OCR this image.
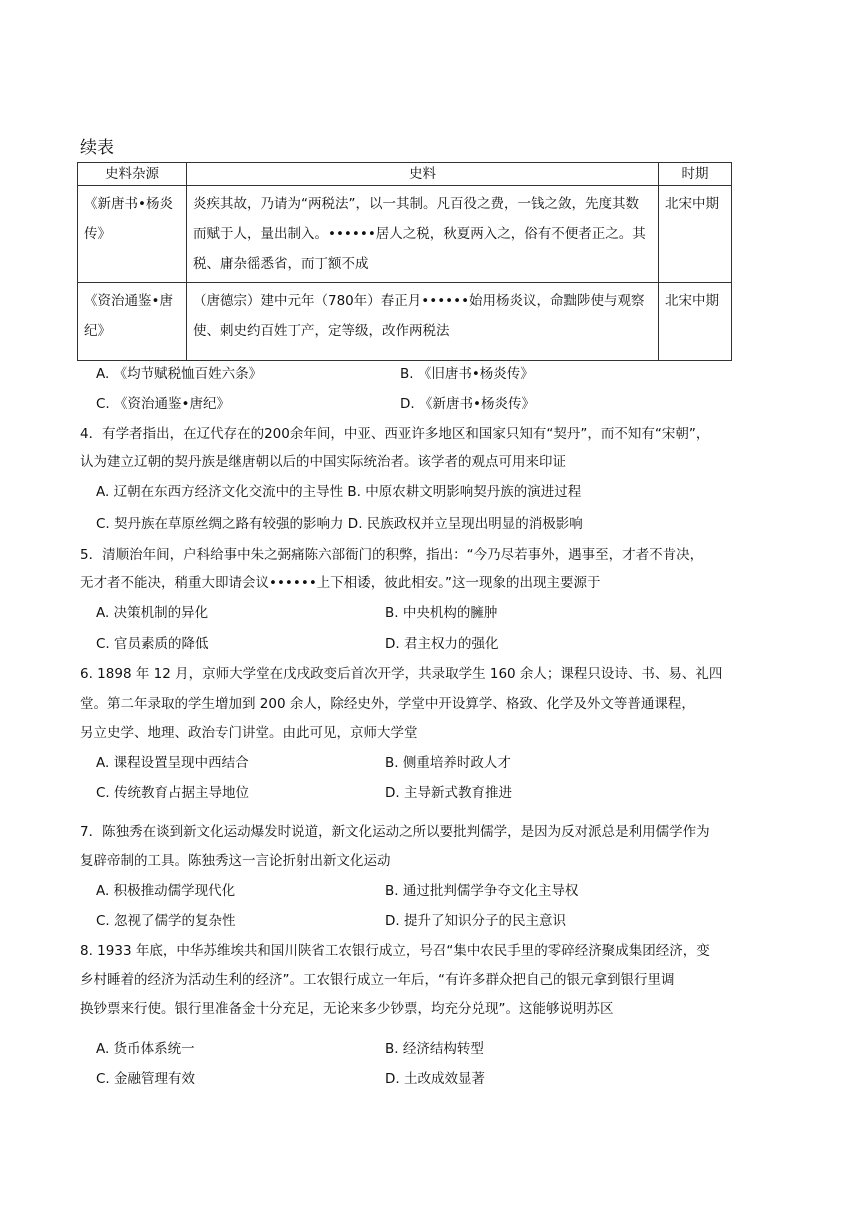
续表
史料杂源	史料	时期
《新唐书•杨炎传》	炎疾其故，乃请为“两税法”，以一其制。凡百役之费，一钱之敛，先度其数而赋于人，量出制入。••••••居人之税，秋夏两入之，俗有不便者正之。其税、庸杂徭悉省，而丁额不成	北宋中期
《资治通鉴•唐纪》	（唐德宗）建中元年（780年）春正月••••••始用杨炎议，命黜陟使与观察使、刺史约百姓丁产，定等级，改作两税法	北宋中期
A. 《均节赋税恤百姓六条》	B. 《旧唐书•杨炎传》
C. 《资治通鉴•唐纪》	D. 《新唐书•杨炎传》
4．有学者指出，在辽代存在的200余年间，中亚、西亚许多地区和国家只知有“契丹”，而不知有“宋朝”，
认为建立辽朝的契丹族是继唐朝以后的中国实际统治者。该学者的观点可用来印证
A. 辽朝在东西方经济文化交流中的主导性 B. 中原农耕文明影响契丹族的演进过程
C. 契丹族在草原丝绸之路有较强的影响力 D. 民族政权并立呈现出明显的消极影响
5．清顺治年间，户科给事中朱之弼痛陈六部衙门的积弊，指出：“今乃尽若事外，遇事至，才者不肯决，
无才者不能决，稍重大即请会议••••••上下相诿，彼此相安。”这一现象的出现主要源于
A. 决策机制的异化	B. 中央机构的臃肿
C. 官员素质的降低	D. 君主权力的强化
6. 1898 年 12 月，京师大学堂在戊戌政变后首次开学，共录取学生 160 余人；课程只设诗、书、易、礼四
堂。第二年录取的学生增加到 200 余人，除经史外，学堂中开设算学、格致、化学及外文等普通课程，
另立史学、地理、政治专门讲堂。由此可见，京师大学堂
A. 课程设置呈现中西结合	B. 侧重培养时政人才
C. 传统教育占据主导地位	D. 主导新式教育推进
7．陈独秀在谈到新文化运动爆发时说道，新文化运动之所以要批判儒学，是因为反对派总是利用儒学作为
复辟帝制的工具。陈独秀这一言论折射出新文化运动
A. 积极推动儒学现代化	B. 通过批判儒学争夺文化主导权
C. 忽视了儒学的复杂性	D. 提升了知识分子的民主意识
8. 1933 年底，中华苏维埃共和国川陕省工农银行成立，号召“集中农民手里的零碎经济聚成集团经济，变
乡村睡着的经济为活动生利的经济”。工农银行成立一年后，“有许多群众把自己的银元拿到银行里调
换钞票来行使。银行里准备金十分充足，无论来多少钞票，均充分兑现”。这能够说明苏区
A. 货币体系统一	B. 经济结构转型
C. 金融管理有效	D. 土改成效显著
